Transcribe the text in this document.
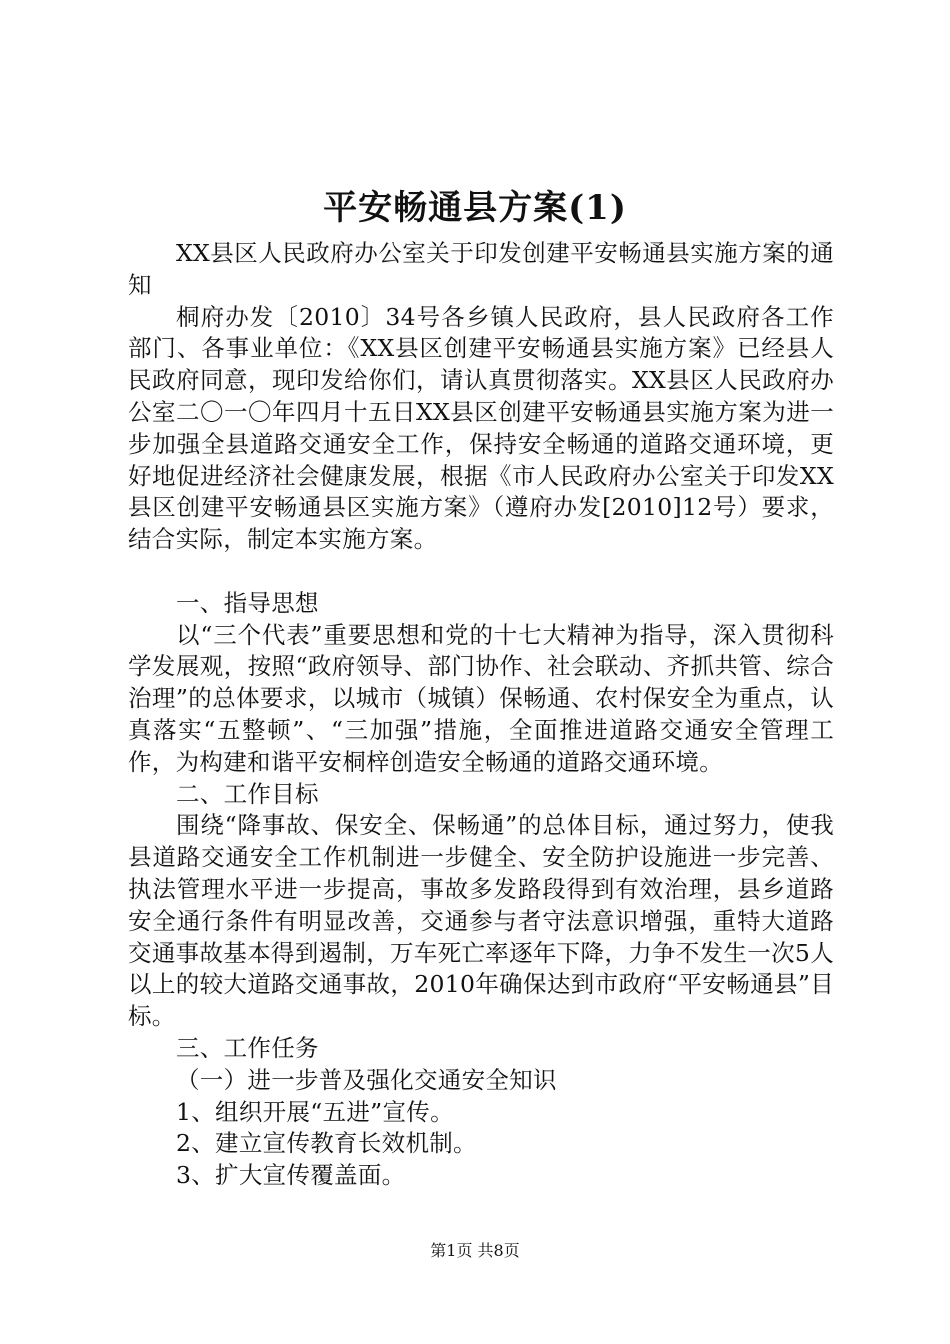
平安畅通县方案(1)

XX县区人民政府办公室关于印发创建平安畅通县实施方案的通知

桐府办发〔2010〕34号各乡镇人民政府，县人民政府各工作部门、各事业单位：《XX县区创建平安畅通县实施方案》已经县人民政府同意，现印发给你们，请认真贯彻落实。XX县区人民政府办公室二〇一〇年四月十五日XX县区创建平安畅通县实施方案为进一步加强全县道路交通安全工作，保持安全畅通的道路交通环境，更好地促进经济社会健康发展，根据《市人民政府办公室关于印发XX县区创建平安畅通县区实施方案》（遵府办发[2010]12号）要求，结合实际，制定本实施方案。

一、指导思想

以“三个代表”重要思想和党的十七大精神为指导，深入贯彻科学发展观，按照“政府领导、部门协作、社会联动、齐抓共管、综合治理”的总体要求，以城市（城镇）保畅通、农村保安全为重点，认真落实“五整顿”、“三加强”措施，全面推进道路交通安全管理工作，为构建和谐平安桐梓创造安全畅通的道路交通环境。

二、工作目标

围绕“降事故、保安全、保畅通”的总体目标，通过努力，使我县道路交通安全工作机制进一步健全、安全防护设施进一步完善、执法管理水平进一步提高，事故多发路段得到有效治理，县乡道路安全通行条件有明显改善，交通参与者守法意识增强，重特大道路交通事故基本得到遏制，万车死亡率逐年下降，力争不发生一次5人以上的较大道路交通事故，2010年确保达到市政府“平安畅通县”目标。

三、工作任务

（一）进一步普及强化交通安全知识

1、组织开展“五进”宣传。

2、建立宣传教育长效机制。

3、扩大宣传覆盖面。

第1页 共8页
